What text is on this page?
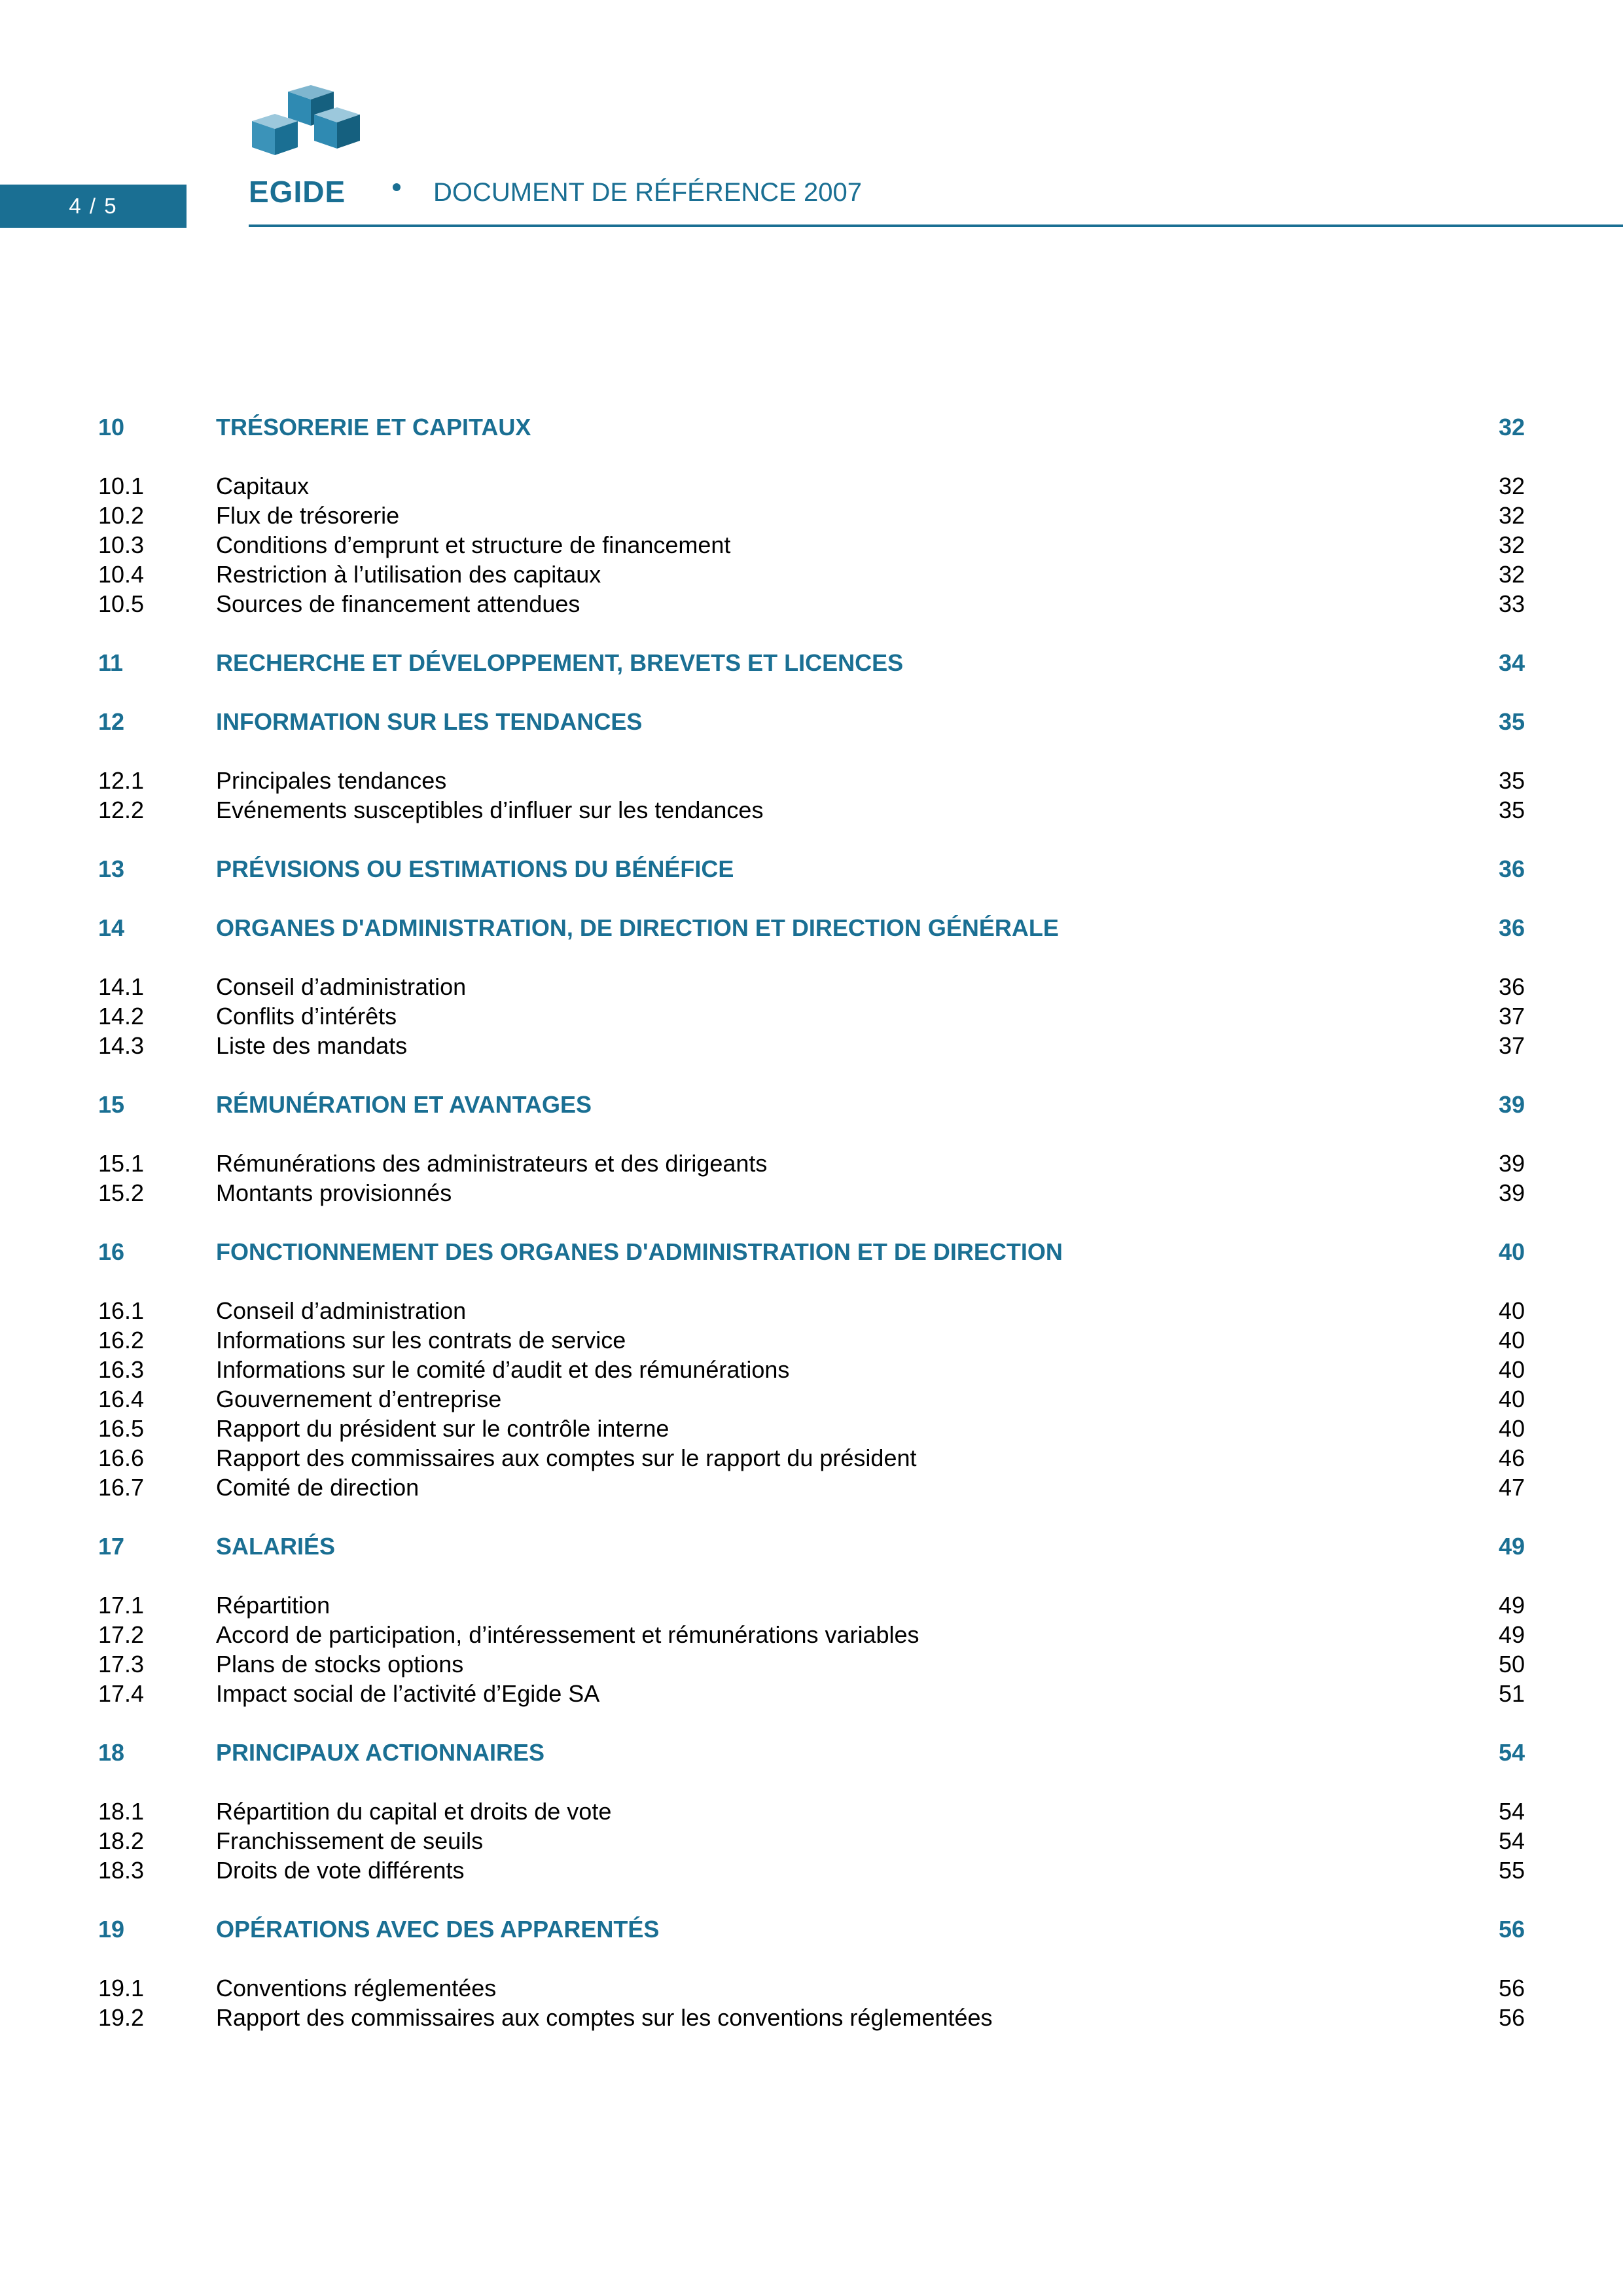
4 / 5	EGIDE	DOCUMENT DE RÉFÉRENCE 2007
10	TRÉSORERIE ET CAPITAUX	32
10.1	Capitaux	32
10.2	Flux de trésorerie	32
10.3	Conditions d’emprunt et structure de financement	32
10.4	Restriction à l’utilisation des capitaux	32
10.5	Sources de financement attendues	33
11	RECHERCHE ET DÉVELOPPEMENT, BREVETS ET LICENCES	34
12	INFORMATION SUR LES TENDANCES	35
12.1	Principales tendances	35
12.2	Evénements susceptibles d’influer sur les tendances	35
13	PRÉVISIONS OU ESTIMATIONS DU BÉNÉFICE	36
14	ORGANES D'ADMINISTRATION, DE DIRECTION ET DIRECTION GÉNÉRALE	36
14.1	Conseil d’administration	36
14.2	Conflits d’intérêts	37
14.3	Liste des mandats	37
15	RÉMUNÉRATION ET AVANTAGES	39
15.1	Rémunérations des administrateurs et des dirigeants	39
15.2	Montants provisionnés	39
16	FONCTIONNEMENT DES ORGANES D'ADMINISTRATION ET DE DIRECTION	40
16.1	Conseil d’administration	40
16.2	Informations sur les contrats de service	40
16.3	Informations sur le comité d’audit et des rémunérations	40
16.4	Gouvernement d’entreprise	40
16.5	Rapport du président sur le contrôle interne	40
16.6	Rapport des commissaires aux comptes sur le rapport du président	46
16.7	Comité de direction	47
17	SALARIÉS	49
17.1	Répartition	49
17.2	Accord de participation, d’intéressement et rémunérations variables	49
17.3	Plans de stocks options	50
17.4	Impact social de l’activité d’Egide SA	51
18	PRINCIPAUX ACTIONNAIRES	54
18.1	Répartition du capital et droits de vote	54
18.2	Franchissement de seuils	54
18.3	Droits de vote différents	55
19	OPÉRATIONS AVEC DES APPARENTÉS	56
19.1	Conventions réglementées	56
19.2	Rapport des commissaires aux comptes sur les conventions réglementées	56
